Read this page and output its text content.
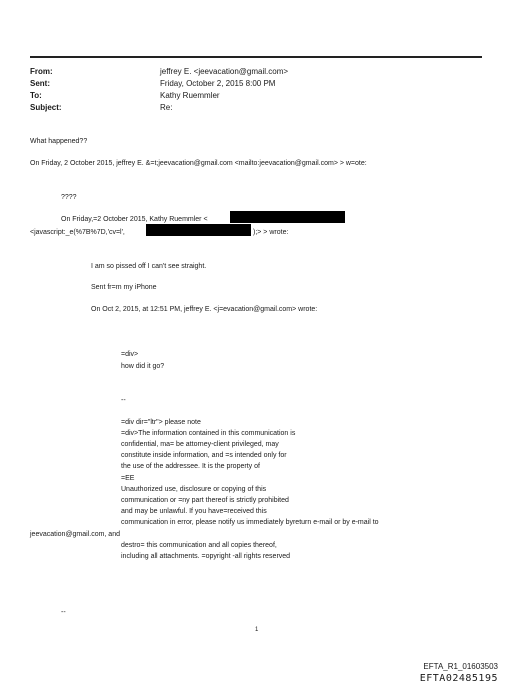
From:	jeffrey E. <jeevacation@gmail.com>
Sent:	Friday, October 2, 2015 8:00 PM
To:	Kathy Ruemmler
Subject:	Re:
What happened??
On Friday, 2 October 2015, jeffrey E. &=t;jeevacation@gmail.com <mailto:jeevacation@gmail.com> > w=ote:
????
On Friday,=2 October 2015, Kathy Ruemmler <
<javascript:_e(%7B%7D,'cv=l',	);> > wrote:
I am so pissed off I can't see straight.
Sent fr=m my iPhone
On Oct 2, 2015, at 12:51 PM, jeffrey E. <j=evacation@gmail.com> wrote:
=div>
how did it go?
--
=div dir="ltr"> please note
=div>The information contained in this communication is
confidential, ma= be attorney-client privileged, may
constitute inside information, and =s intended only for
the use of the addressee. It is the property of
=EE
Unauthorized use, disclosure or copying of this
communication or =ny part thereof is strictly prohibited
and may be unlawful. If you have=received this
communication in error, please notify us immediately byreturn e-mail or by e-mail to
jeevacation@gmail.com, and
destro= this communication and all copies thereof,
including all attachments. =opyright -all rights reserved
--
1
EFTA_R1_01603503
EFTA02485195
